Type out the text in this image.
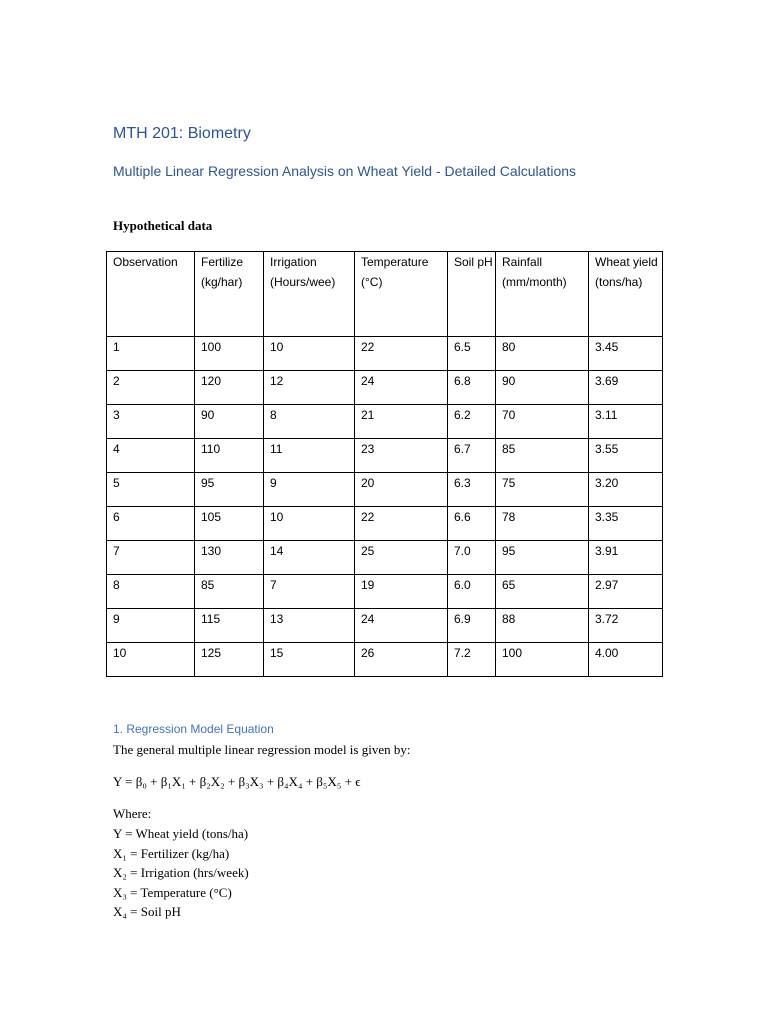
MTH 201: Biometry
Multiple Linear Regression Analysis on Wheat Yield - Detailed Calculations
Hypothetical data
Observation	Fertilize (kg/har)	Irrigation (Hours/wee)	Temperature (°C)	Soil pH	Rainfall (mm/month)	Wheat yield (tons/ha)
1	100	10	22	6.5	80	3.45
2	120	12	24	6.8	90	3.69
3	90	8	21	6.2	70	3.11
4	110	11	23	6.7	85	3.55
5	95	9	20	6.3	75	3.20
6	105	10	22	6.6	78	3.35
7	130	14	25	7.0	95	3.91
8	85	7	19	6.0	65	2.97
9	115	13	24	6.9	88	3.72
10	125	15	26	7.2	100	4.00
1. Regression Model Equation
The general multiple linear regression model is given by:
Y = β₀ + β₁X₁ + β₂X₂ + β₃X₃ + β₄X₄ + β₅X₅ + ϵ
Where:
Y = Wheat yield (tons/ha)
X₁ = Fertilizer (kg/ha)
X₂ = Irrigation (hrs/week)
X₃ = Temperature (°C)
X₄ = Soil pH
